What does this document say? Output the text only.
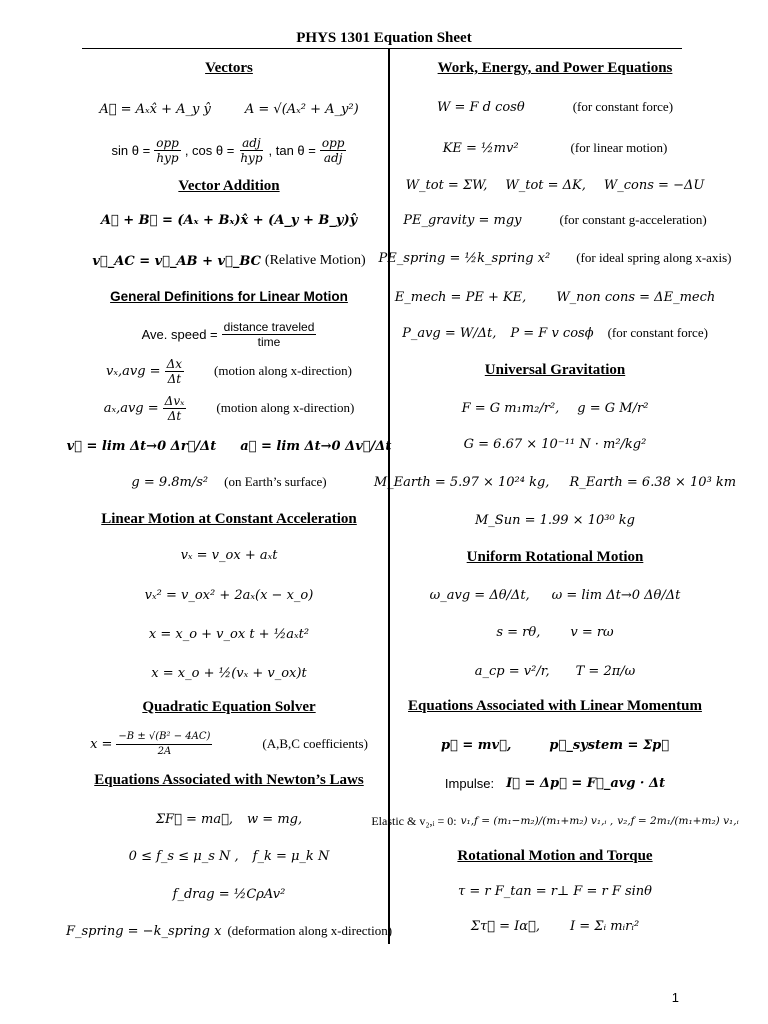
PHYS 1301 Equation Sheet
Vectors
A⃗ = Aₓx̂ + A_y ŷ	A = √(Aₓ² + A_y²)
sin θ = opp
hyp , cos θ = adj
hyp , tan θ = opp
adj
Vector Addition
A⃗ + B⃗ = (Aₓ + Bₓ)x̂ + (A_y + B_y)ŷ
v⃗_AC = v⃗_AB + v⃗_BC (Relative Motion)
General Definitions for Linear Motion
Ave. speed = distance traveled
time
$v_x,avg = \frac{\Delta x}{\Delta t}$ (motion along x-direction)
aₓ,avg = Δvₓ
Δt
(motion along x-direction)
v⃗ = lim Δt→0 Δr⃗/Δt a⃗ = lim Δt→0 Δv⃗/Δt
g = 9.8m/s² (on Earth’s surface)
Linear Motion at Constant Acceleration
vₓ = v_ox + aₓt
vₓ² = v_ox² + 2aₓ(x − x_o)
x = x_o + v_ox t + ½aₓt²
x = x_o + ½(vₓ + v_ox)t
Quadratic Equation Solver
$x = \frac{\text{−B ± √(B² − 4AC)}}{2A}$	(A,B,C coefficients)
Equations Associated with Newton’s Laws
ΣF⃗ = ma⃗, w = mg,
0 ≤ f_s ≤ μ_s N , f_k = μ_k N
f_drag = ½CρAv²
F_spring = −k_spring x (deformation along x-direction)
Work, Energy, and Power Equations
W = F d cosθ	(for constant force)
KE = ½mv²	(for linear motion)
W_tot = ΣW, W_tot = ΔK, W_cons = −ΔU
PE_gravity = mgy	(for constant g-acceleration)
PE_spring = ½k_spring x² (for ideal spring along x-axis)
E_mech = PE + KE, W_non cons = ΔE_mech
P_avg = W/Δt, P = F v cosϕ (for constant force)
Universal Gravitation
F = G m₁m₂/r², g = G M/r²
G = 6.67 × 10⁻¹¹ N · m²/kg²
M_Earth = 5.97 × 10²⁴ kg, R_Earth = 6.38 × 10³ km
M_Sun = 1.99 × 10³⁰ kg
Uniform Rotational Motion
ω_avg = Δθ/Δt, ω = lim Δt→0 Δθ/Δt
s = rθ, v = rω
a_cp = v²/r, T = 2π/ω
Equations Associated with Linear Momentum
p⃗ = mv⃗,	p⃗_system = Σp⃗
Impulse: I⃗ = Δp⃗ = F⃗_avg · Δt
Elastic & v₂,ᵢ = 0: v₁,f = (m₁−m₂)/(m₁+m₂) v₁,ᵢ , v₂,f = 2m₁/(m₁+m₂) v₁,ᵢ
Rotational Motion and Torque
τ = r F_tan = r⊥ F = r F sinθ
Στ⃗ = Iα⃗, I = Σᵢ mᵢrᵢ²
1
